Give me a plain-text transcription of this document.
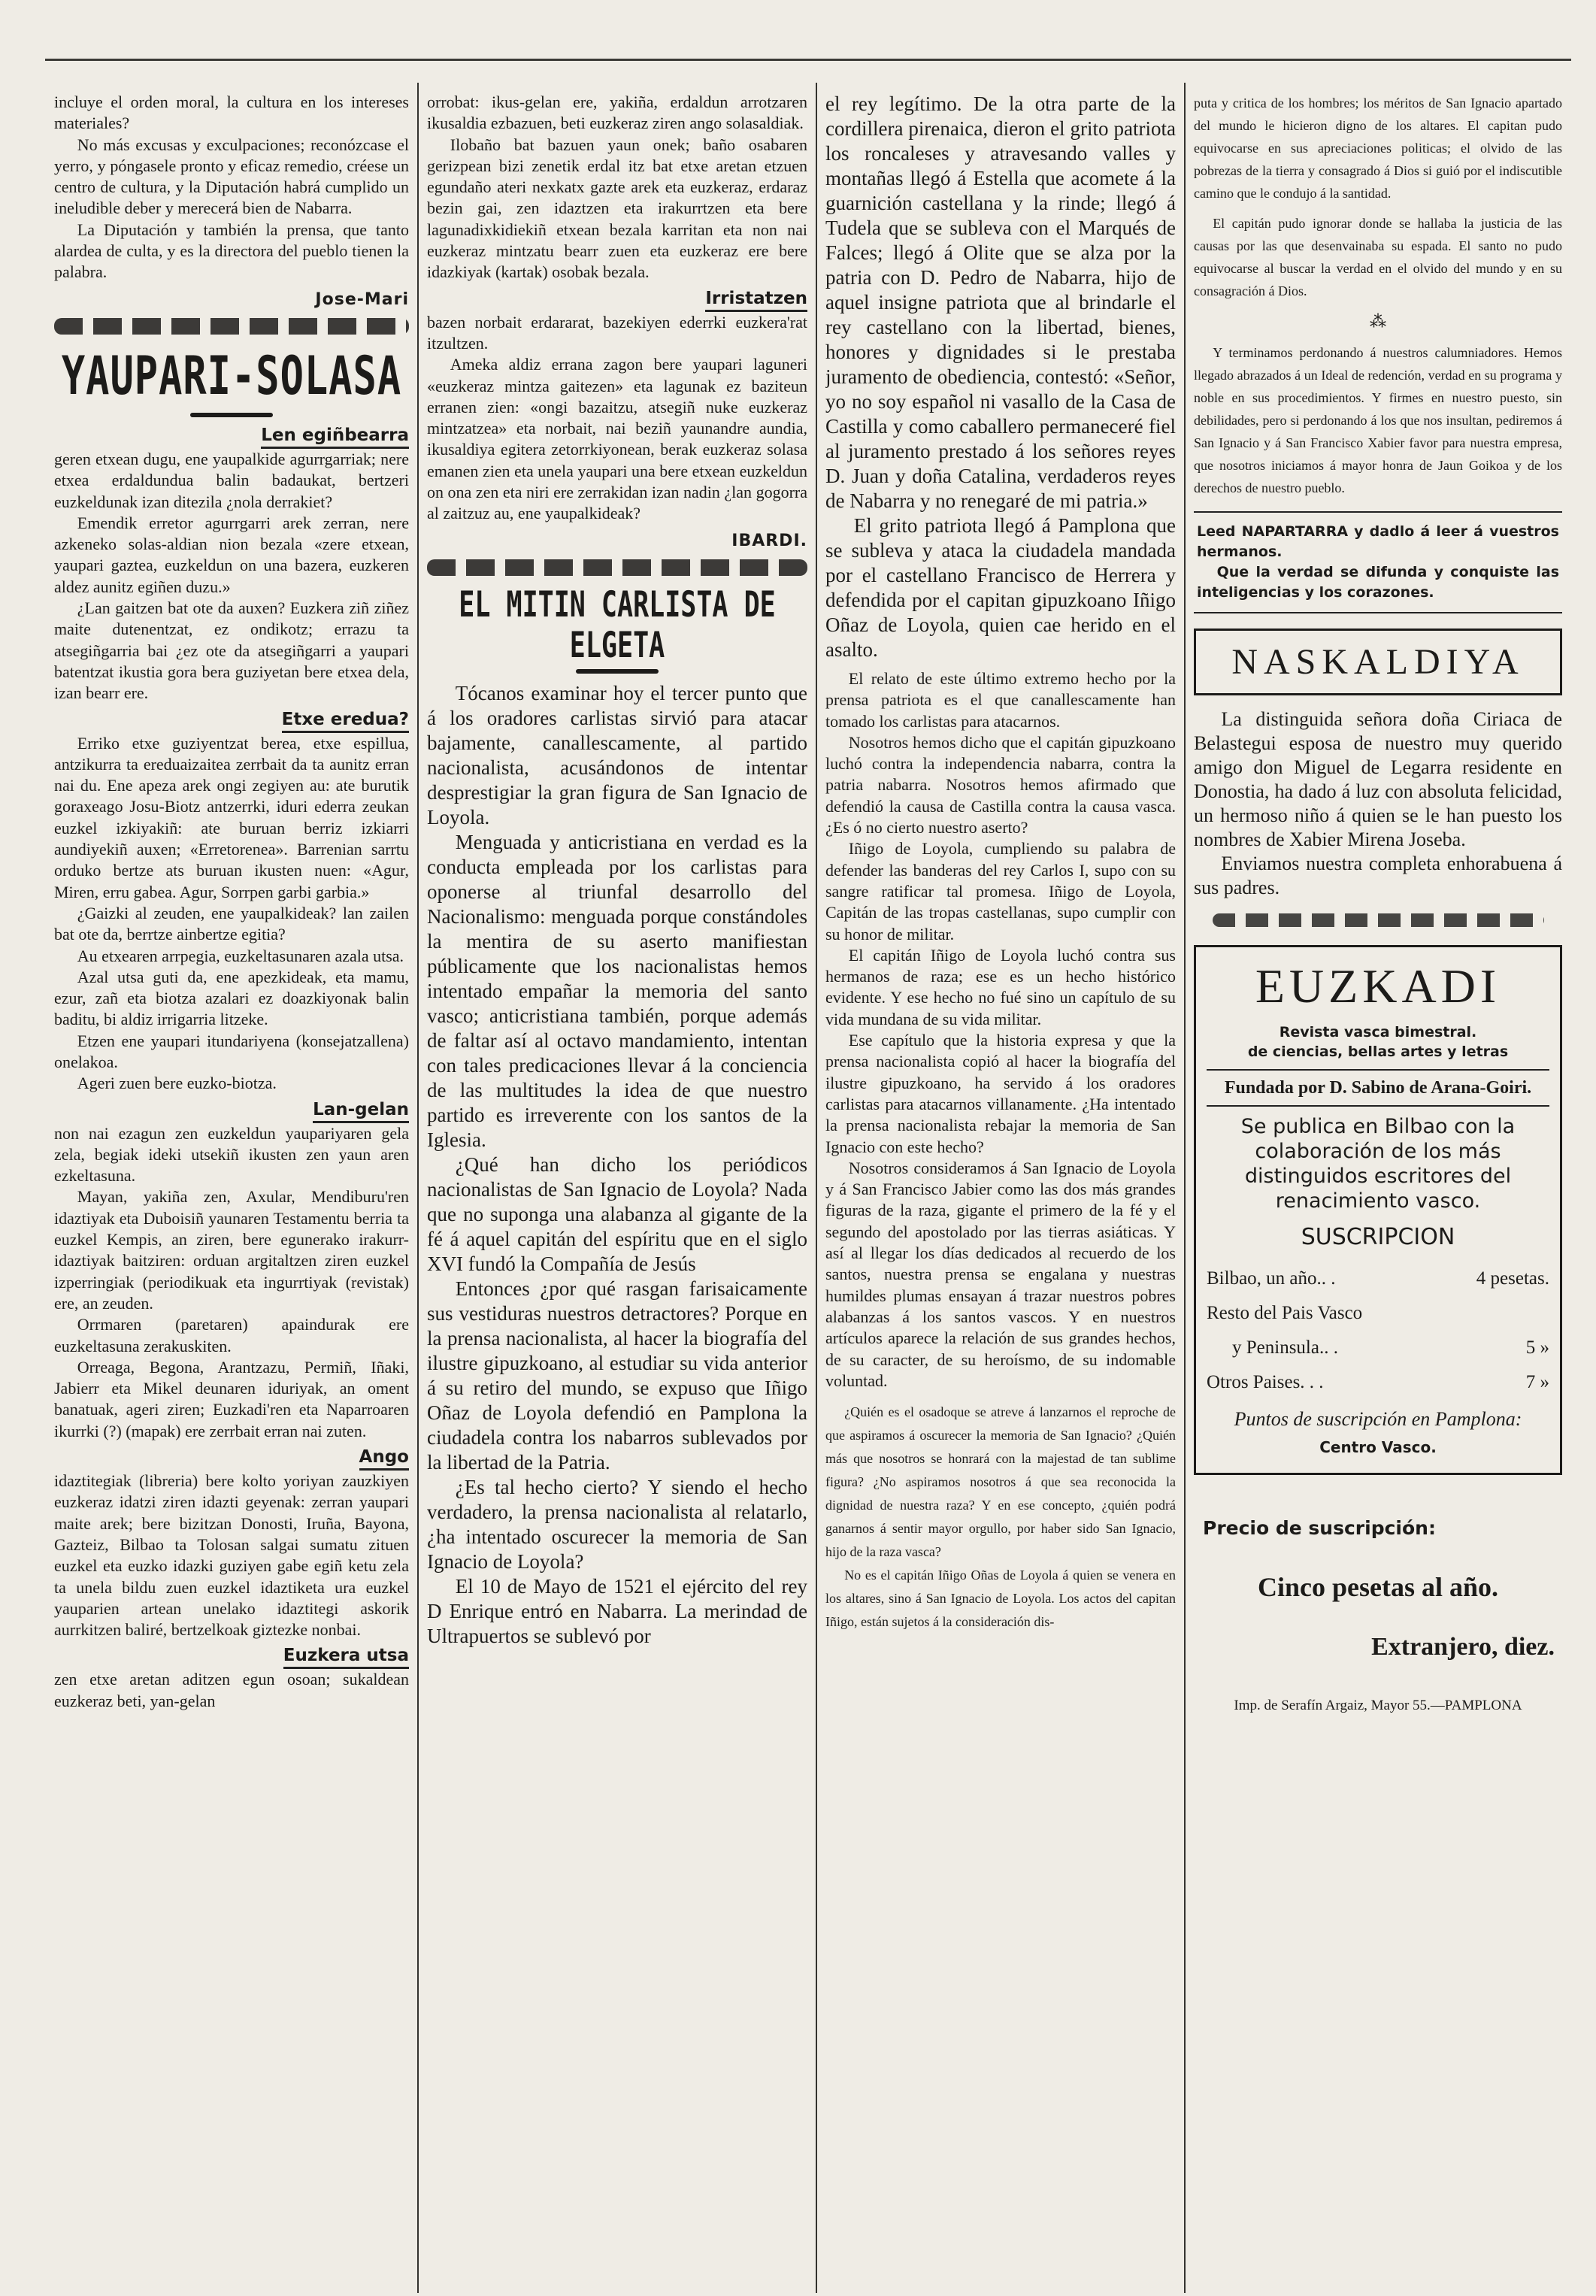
incluye el orden moral, la cultura en los intereses materiales?

No más excusas y exculpaciones; reconózcase el yerro, y póngasele pronto y eficaz remedio, créese un centro de cultura, y la Diputación habrá cumplido un ineludible deber y merecerá bien de Nabarra.

La Diputación y también la prensa, que tanto alardea de culta, y es la directora del pueblo tienen la palabra.

Jose-Mari

YAUPARI-SOLASA
Len egiñbearra

geren etxean dugu, ene yaupalkide agurrgarriak; nere etxea erdaldundua balin badaukat, bertzeri euzkeldunak izan ditezila ¿nola derrakiet?

Emendik erretor agurrgarri arek zerran, nere azkeneko solas-aldian nion bezala «zere etxean, yaupari gaztea, euzkeldun on una bazera, euzkeren aldez aunitz egiñen duzu.»

¿Lan gaitzen bat ote da auxen? Euzkera ziñ ziñez maite dutenentzat, ez ondikotz; errazu ta atsegiñgarria bai ¿ez ote da atsegiñgarri a yaupari batentzat ikustia gora bera guziyetan bere etxea dela, izan bearr ere.

Etxe eredua?

Erriko etxe guziyentzat berea, etxe espillua, antzikurra ta ereduaizaitea zerrbait da ta aunitz erran nai du. Ene apeza arek ongi zegiyen au: ate burutik goraxeago Josu-Biotz antzerrki, iduri ederra zeukan euzkel izkiyakiñ: ate buruan berriz izkiarri aundiyekiñ auxen; «Erretorenea». Barrenian sarrtu orduko bertze ats buruan ikusten nuen: «Agur, Miren, erru gabea. Agur, Sorrpen garbi garbia.»

¿Gaizki al zeuden, ene yaupalkideak? lan zailen bat ote da, berrtze ainbertze egitia?

Au etxearen arrpegia, euzkeltasunaren azala utsa.

Azal utsa guti da, ene apezkideak, eta mamu, ezur, zañ eta biotza azalari ez doazkiyonak balin baditu, bi aldiz irrigarria litzeke.

Etzen ene yaupari itundariyena (konsejatzallena) onelakoa.

Ageri zuen bere euzko-biotza.

Lan-gelan

non nai ezagun zen euzkeldun yaupariyaren gela zela, begiak ideki utsekiñ ikusten zen yaun aren ezkeltasuna.

Mayan, yakiña zen, Axular, Mendiburu'ren idaztiyak eta Duboisiñ yaunaren Testamentu berria ta euzkel Kempis, an ziren, bere egunerako irakurr-idaztiyak baitziren: orduan argitaltzen ziren euzkel izperringiak (periodikuak eta ingurrtiyak (revistak) ere, an zeuden.

Orrmaren (paretaren) apaindurak ere euzkeltasuna zerakuskiten.

Orreaga, Begona, Arantzazu, Permiñ, Iñaki, Jabierr eta Mikel deunaren iduriyak, an oment banatuak, ageri ziren; Euzkadi'ren eta Naparroaren ikurrki (?) (mapak) ere zerrbait erran nai zuten.

Ango

idaztitegiak (libreria) bere kolto yoriyan zauzkiyen euzkeraz idatzi ziren idazti geyenak: zerran yaupari maite arek; bere bizitzan Donosti, Iruña, Bayona, Gazteiz, Bilbao ta Tolosan salgai sumatu zituen euzkel eta euzko idazki guziyen gabe egiñ ketu zela ta unela bildu zuen euzkel idaztiketa ura euzkel yauparien artean unelako idaztitegi askorik aurrkitzen baliré, bertzelkoak giztezke nonbai.

Euzkera utsa

zen etxe aretan aditzen egun osoan; sukaldean euzkeraz beti, yan-gelan

orrobat: ikus-gelan ere, yakiña, erdaldun arrotzaren ikusaldia ezbazuen, beti euzkeraz ziren ango solasaldiak.

Ilobaño bat bazuen yaun onek; baño osabaren gerizpean bizi zenetik erdal itz bat etxe aretan etzuen egundaño ateri nexkatx gazte arek eta euzkeraz, erdaraz bezin gai, zen idaztzen eta irakurrtzen eta bere lagunadixkidiekiñ etxean bezala karritan eta non nai euzkeraz mintzatu bearr zuen eta euzkeraz ere bere idazkiyak (kartak) osobak bezala.

Irristatzen

bazen norbait erdararat, bazekiyen ederrki euzkera'rat itzultzen.

Ameka aldiz errana zagon bere yaupari laguneri «euzkeraz mintza gaitezen» eta lagunak ez baziteun erranen zien: «ongi bazaitzu, atsegiñ nuke euzkeraz mintzatzea» eta norbait, nai beziñ yaunandre aundia, ikusaldiya egitera zetorrkiyonean, berak euzkeraz solasa emanen zien eta unela yaupari una bere etxean euzkeldun on ona zen eta niri ere zerrakidan izan nadin ¿lan gogorra al zaitzuz au, ene yaupalkideak?

IBARDI.

EL MITIN CARLISTA DE ELGETA

Tócanos examinar hoy el tercer punto que á los oradores carlistas sirvió para atacar bajamente, canallescamente, al partido nacionalista, acusándonos de intentar desprestigiar la gran figura de San Ignacio de Loyola.

Menguada y anticristiana en verdad es la conducta empleada por los carlistas para oponerse al triunfal desarrollo del Nacionalismo: menguada porque constándoles la mentira de su aserto manifiestan públicamente que los nacionalistas hemos intentado empañar la memoria del santo vasco; anticristiana también, porque además de faltar así al octavo mandamiento, intentan con tales predicaciones llevar á la conciencia de las multitudes la idea de que nuestro partido es irreverente con los santos de la Iglesia.

¿Qué han dicho los periódicos nacionalistas de San Ignacio de Loyola? Nada que no suponga una alabanza al gigante de la fé á aquel capitán del espíritu que en el siglo XVI fundó la Compañía de Jesús

Entonces ¿por qué rasgan farisaicamente sus vestiduras nuestros detractores? Porque en la prensa nacionalista, al hacer la biografía del ilustre gipuzkoano, al estudiar su vida anterior á su retiro del mundo, se expuso que Iñigo Oñaz de Loyola defendió en Pamplona la ciudadela contra los nabarros sublevados por la libertad de la Patria.

¿Es tal hecho cierto? Y siendo el hecho verdadero, la prensa nacionalista al relatarlo, ¿ha intentado oscurecer la memoria de San Ignacio de Loyola?

El 10 de Mayo de 1521 el ejército del rey D Enrique entró en Nabarra. La merindad de Ultrapuertos se sublevó por

el rey legítimo. De la otra parte de la cordillera pirenaica, dieron el grito patriota los roncaleses y atravesando valles y montañas llegó á Estella que acomete á la guarnición castellana y la rinde; llegó á Tudela que se subleva con el Marqués de Falces; llegó á Olite que se alza por la patria con D. Pedro de Nabarra, hijo de aquel insigne patriota que al brindarle el rey castellano con la libertad, bienes, honores y dignidades si le prestaba juramento de obediencia, contestó: «Señor, yo no soy español ni vasallo de la Casa de Castilla y como caballero permaneceré fiel al juramento prestado á los señores reyes D. Juan y doña Catalina, verdaderos reyes de Nabarra y no renegaré de mi patria.»

El grito patriota llegó á Pamplona que se subleva y ataca la ciudadela mandada por el castellano Francisco de Herrera y defendida por el capitan gipuzkoano Iñigo Oñaz de Loyola, quien cae herido en el asalto.

El relato de este último extremo hecho por la prensa patriota es el que canallescamente han tomado los carlistas para atacarnos.

Nosotros hemos dicho que el capitán gipuzkoano luchó contra la independencia nabarra, contra la patria nabarra. Nosotros hemos afirmado que defendió la causa de Castilla contra la causa vasca. ¿Es ó no cierto nuestro aserto?

Iñigo de Loyola, cumpliendo su palabra de defender las banderas del rey Carlos I, supo con su sangre ratificar tal promesa. Iñigo de Loyola, Capitán de las tropas castellanas, supo cumplir con su honor de militar.

El capitán Iñigo de Loyola luchó contra sus hermanos de raza; ese es un hecho histórico evidente. Y ese hecho no fué sino un capítulo de su vida mundana de su vida militar.

Ese capítulo que la historia expresa y que la prensa nacionalista copió al hacer la biografía del ilustre gipuzkoano, ha servido á los oradores carlistas para atacarnos villanamente. ¿Ha intentado la prensa nacionalista rebajar la memoria de San Ignacio con este hecho?

Nosotros consideramos á San Ignacio de Loyola y á San Francisco Jabier como las dos más grandes figuras de la raza, gigante el primero de la fé y el segundo del apostolado por las tierras asiáticas. Y así al llegar los días dedicados al recuerdo de los santos, nuestra prensa se engalana y nuestras humildes plumas ensayan á trazar nuestros pobres alabanzas á los santos vascos. Y en nuestros artículos aparece la relación de sus grandes hechos, de su caracter, de su heroísmo, de su indomable voluntad.

¿Quién es el osadoque se atreve á lanzarnos el reproche de que aspiramos á oscurecer la memoria de San Ignacio? ¿Quién más que nosotros se honrará con la majestad de tan sublime figura? ¿No aspiramos nosotros á que sea reconocida la dignidad de nuestra raza? Y en ese concepto, ¿quién podrá ganarnos á sentir mayor orgullo, por haber sido San Ignacio, hijo de la raza vasca?

No es el capitán Iñigo Oñas de Loyola á quien se venera en los altares, sino á San Ignacio de Loyola. Los actos del capitan Iñigo, están sujetos á la consideración dis-

puta y critica de los hombres; los méritos de San Ignacio apartado del mundo le hicieron digno de los altares. El capitan pudo equivocarse en sus apreciaciones politicas; el olvido de las pobrezas de la tierra y consagrado á Dios si guió por el indiscutible camino que le condujo á la santidad.

El capitán pudo ignorar donde se hallaba la justicia de las causas por las que desenvainaba su espada. El santo no pudo equivocarse al buscar la verdad en el olvido del mundo y en su consagración á Dios.

⁂

Y terminamos perdonando á nuestros calumniadores. Hemos llegado abrazados á un Ideal de redención, verdad en su programa y noble en sus procedimientos. Y firmes en nuestro puesto, sin debilidades, pero si perdonando á los que nos insultan, pediremos á San Ignacio y á San Francisco Xabier favor para nuestra empresa, que nosotros iniciamos á mayor honra de Jaun Goikoa y de los derechos de nuestro pueblo.

Leed NAPARTARRA y dadlo á leer á vuestros hermanos.

Que la verdad se difunda y conquiste las inteligencias y los corazones.

NASKALDIYA

La distinguida señora doña Ciriaca de Belastegui esposa de nuestro muy querido amigo don Miguel de Legarra residente en Donostia, ha dado á luz con absoluta felicidad, un hermoso niño á quien se le han puesto los nombres de Xabier Mirena Joseba.

Enviamos nuestra completa enhorabuena á sus padres.

EUZKADI

Revista vasca bimestral.

de ciencias, bellas artes y letras

Fundada por D. Sabino de Arana-Goiri.

Se publica en Bilbao con la colaboración de los más distinguidos escritores del renacimiento vasco.

SUSCRIPCION

Bilbao, un año.. .	4 pesetas.
Resto del Pais Vasco
y Peninsula.. .	5 »
Otros Paises. . .	7 »

Puntos de suscripción en Pamplona: Centro Vasco.

Precio de suscripción:

Cinco pesetas al año.

Extranjero, diez.

Imp. de Serafín Argaiz, Mayor 55.—PAMPLONA
